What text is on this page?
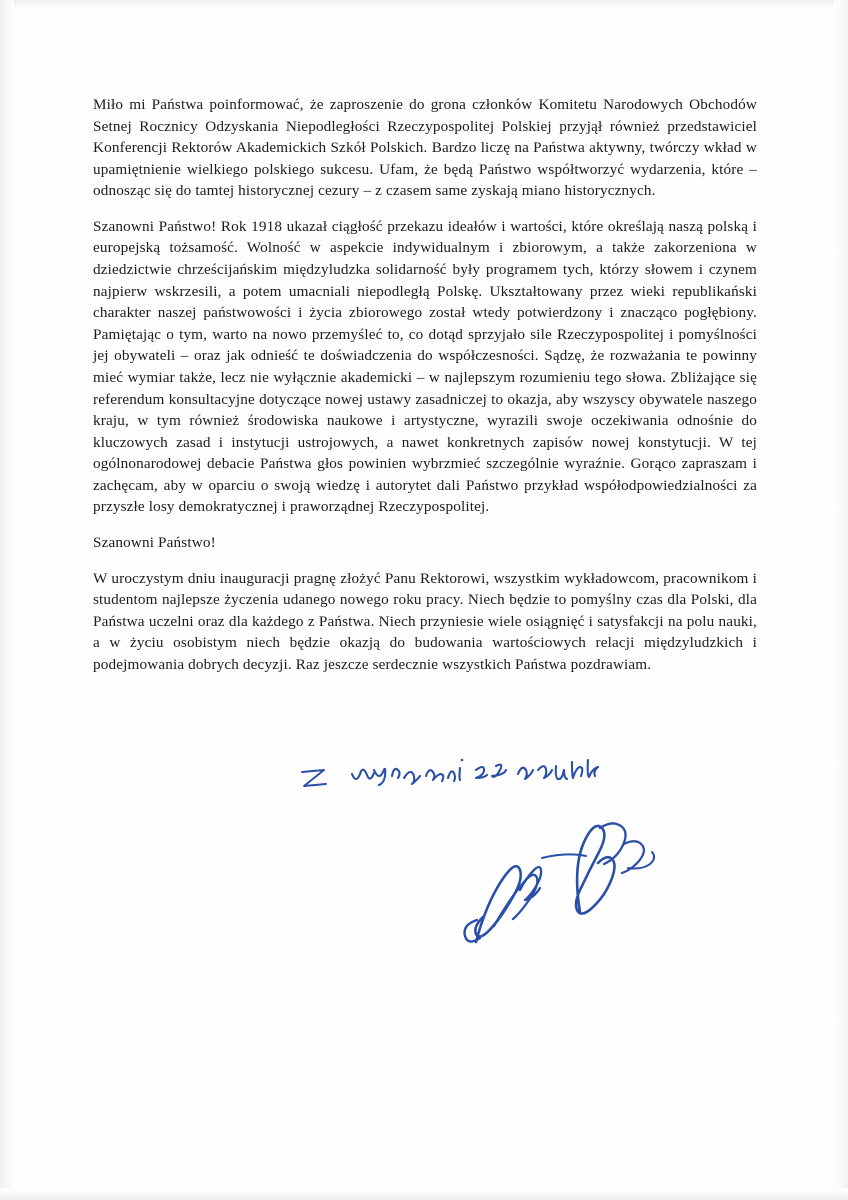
Miło mi Państwa poinformować, że zaproszenie do grona członków Komitetu Narodowych Obchodów Setnej Rocznicy Odzyskania Niepodległości Rzeczypospolitej Polskiej przyjął również przedstawiciel Konferencji Rektorów Akademickich Szkół Polskich. Bardzo liczę na Państwa aktywny, twórczy wkład w upamiętnienie wielkiego polskiego sukcesu. Ufam, że będą Państwo współtworzyć wydarzenia, które – odnosząc się do tamtej historycznej cezury – z czasem same zyskają miano historycznych.

Szanowni Państwo! Rok 1918 ukazał ciągłość przekazu ideałów i wartości, które określają naszą polską i europejską tożsamość. Wolność w aspekcie indywidualnym i zbiorowym, a także zakorzeniona w dziedzictwie chrześcijańskim międzyludzka solidarność były programem tych, którzy słowem i czynem najpierw wskrzesili, a potem umacniali niepodległą Polskę. Ukształtowany przez wieki republikański charakter naszej państwowości i życia zbiorowego został wtedy potwierdzony i znacząco pogłębiony. Pamiętając o tym, warto na nowo przemyśleć to, co dotąd sprzyjało sile Rzeczypospolitej i pomyślności jej obywateli – oraz jak odnieść te doświadczenia do współczesności. Sądzę, że rozważania te powinny mieć wymiar także, lecz nie wyłącznie akademicki – w najlepszym rozumieniu tego słowa. Zbliżające się referendum konsultacyjne dotyczące nowej ustawy zasadniczej to okazja, aby wszyscy obywatele naszego kraju, w tym również środowiska naukowe i artystyczne, wyrazili swoje oczekiwania odnośnie do kluczowych zasad i instytucji ustrojowych, a nawet konkretnych zapisów nowej konstytucji. W tej ogólnonarodowej debacie Państwa głos powinien wybrzmieć szczególnie wyraźnie. Gorąco zapraszam i zachęcam, aby w oparciu o swoją wiedzę i autorytet dali Państwo przykład współodpowiedzialności za przyszłe losy demokratycznej i praworządnej Rzeczypospolitej.

Szanowni Państwo!

W uroczystym dniu inauguracji pragnę złożyć Panu Rektorowi, wszystkim wykładowcom, pracownikom i studentom najlepsze życzenia udanego nowego roku pracy. Niech będzie to pomyślny czas dla Polski, dla Państwa uczelni oraz dla każdego z Państwa. Niech przyniesie wiele osiągnięć i satysfakcji na polu nauki, a w życiu osobistym niech będzie okazją do budowania wartościowych relacji międzyludzkich i podejmowania dobrych decyzji. Raz jeszcze serdecznie wszystkich Państwa pozdrawiam.
